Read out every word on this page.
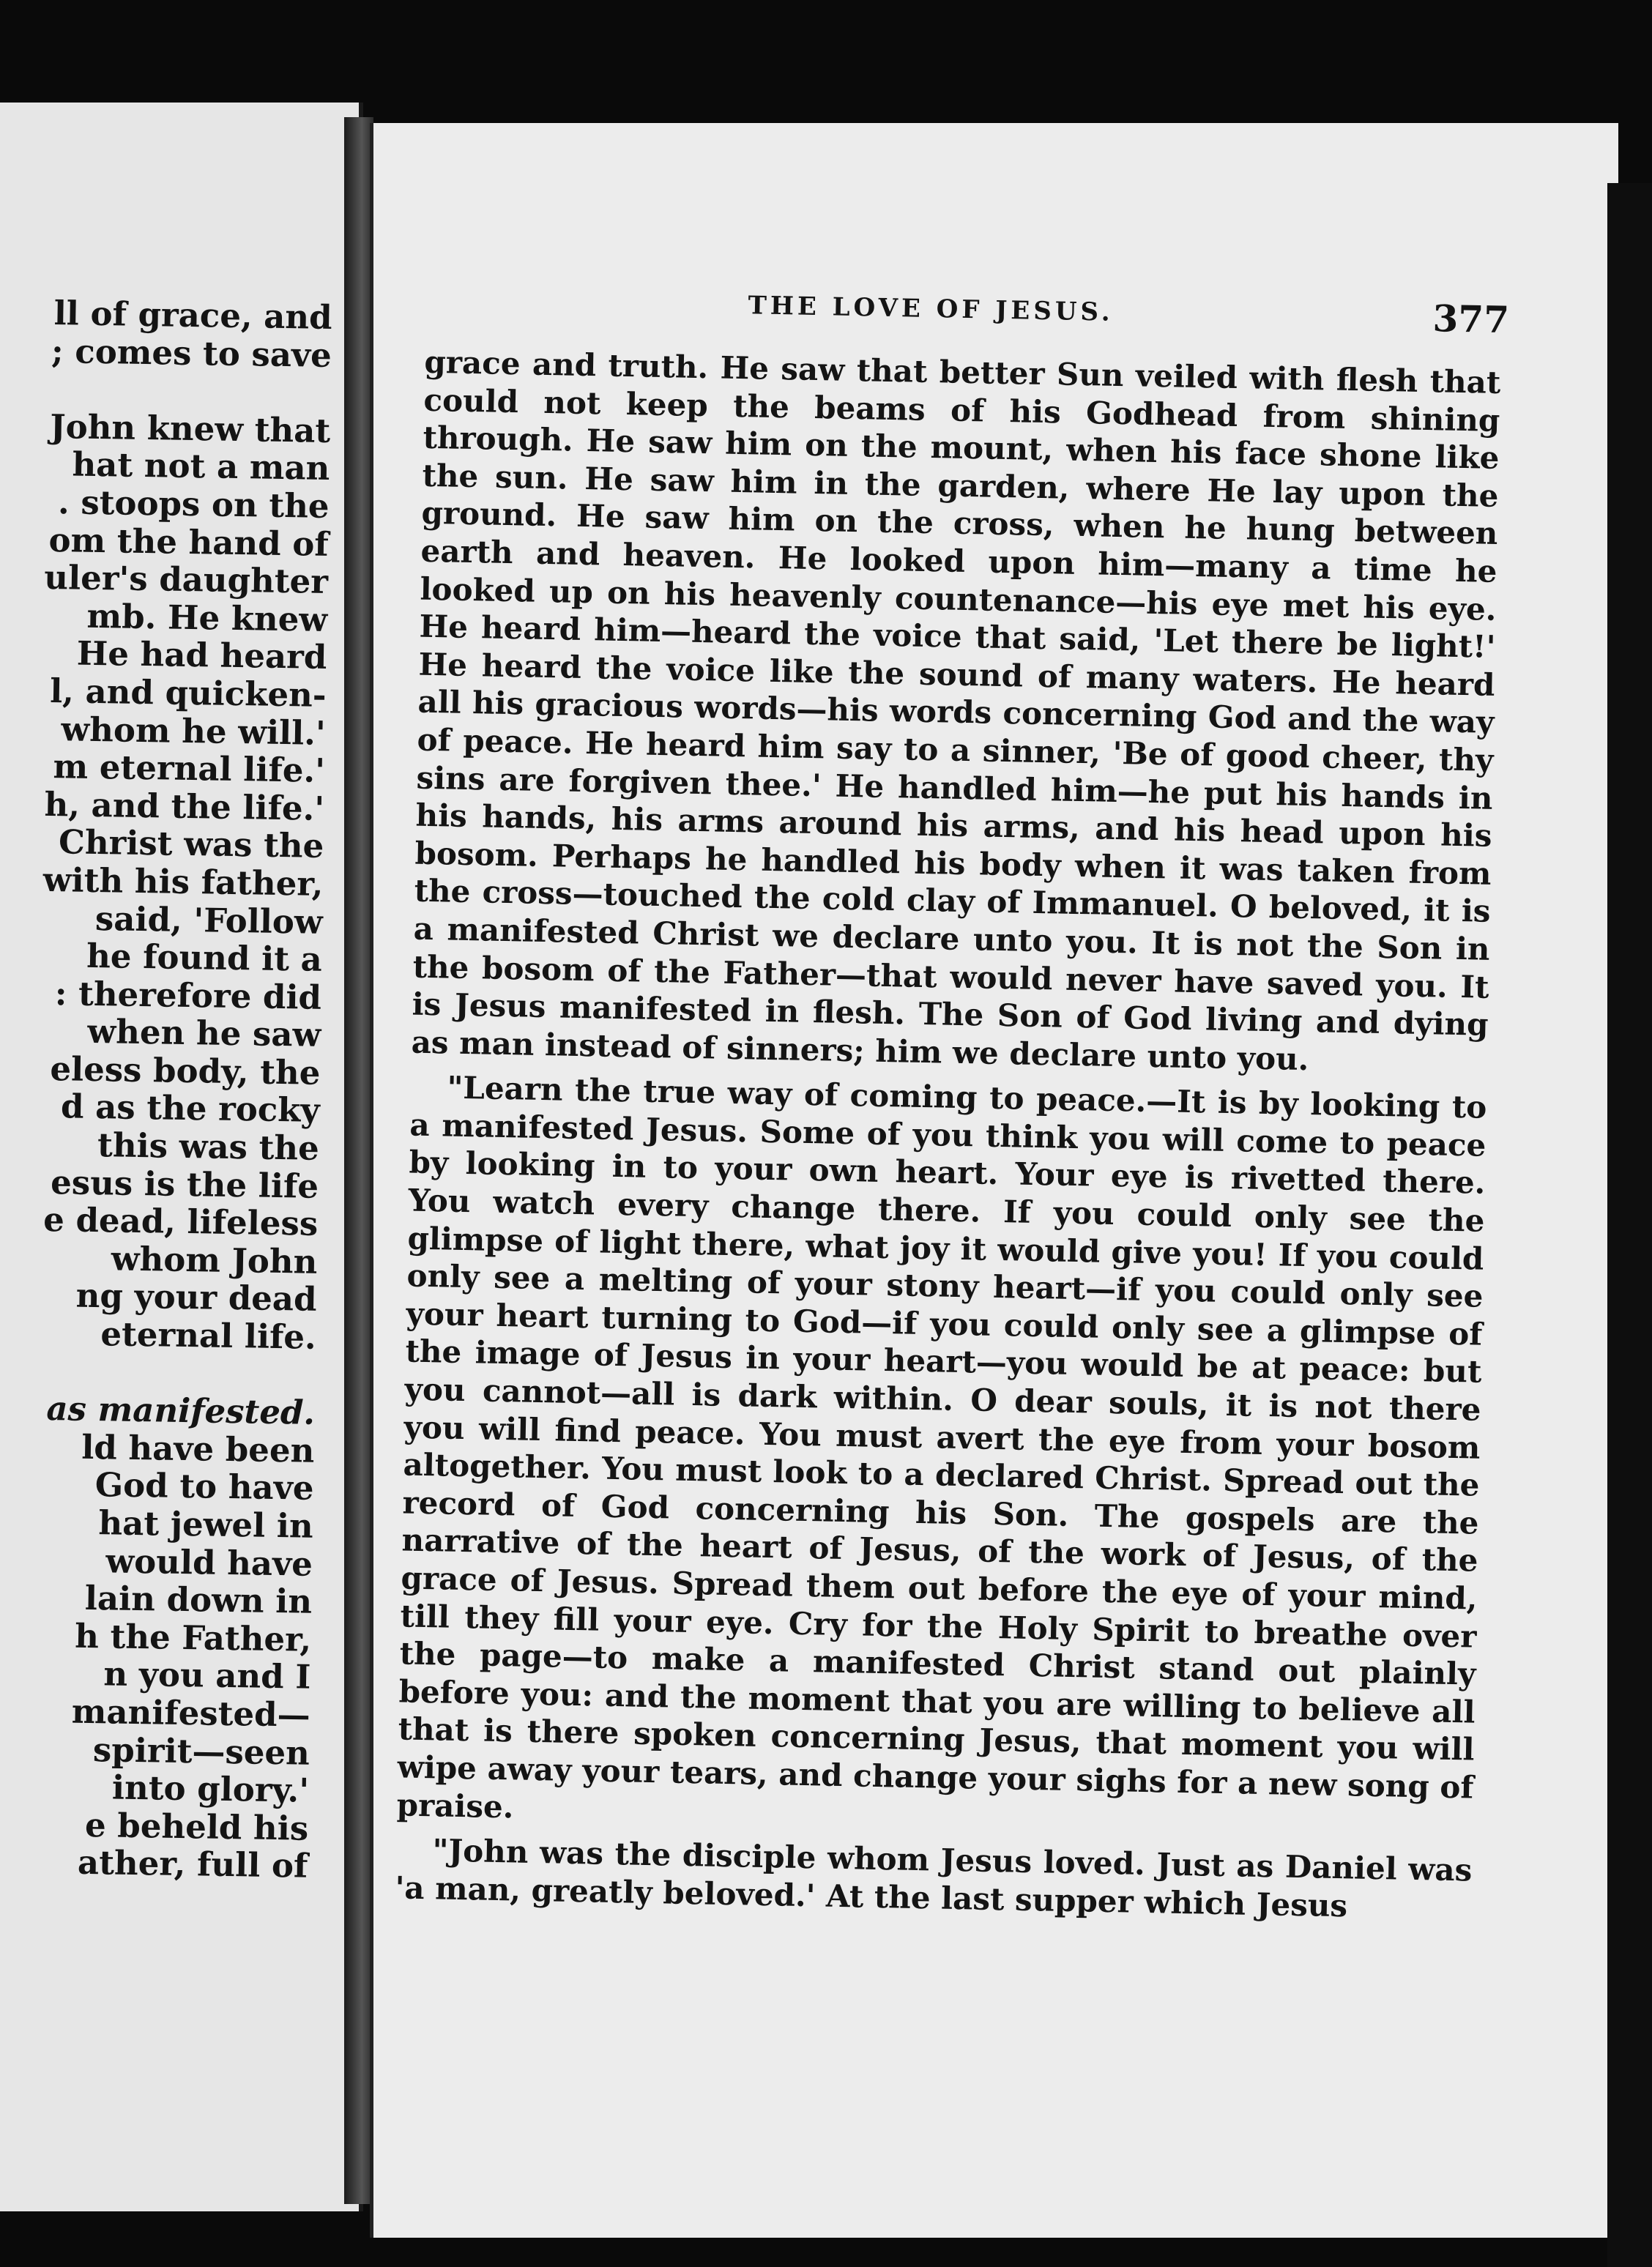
ll of grace, and
; comes to save

John knew that
hat not a man
. stoops on the
om the hand of
uler's daughter
mb. He knew
He had heard
l, and quicken-
whom he will.'
m eternal life.'
h, and the life.'
Christ was the
with his father,
said, 'Follow
he found it a
: therefore did
when he saw
eless body, the
d as the rocky
this was the
esus is the life
e dead, lifeless
whom John
ng your dead
eternal life.

as manifested.
ld have been
God to have
hat jewel in
would have
lain down in
h the Father,
n you and I
manifested—
spirit—seen
into glory.'
e beheld his
ather, full of
THE LOVE OF JESUS.	377

grace and truth. He saw that better Sun veiled with flesh that could not keep the beams of his Godhead from shining through. He saw him on the mount, when his face shone like the sun. He saw him in the garden, where He lay upon the ground. He saw him on the cross, when he hung between earth and heaven. He looked upon him—many a time he looked up on his heavenly countenance—his eye met his eye. He heard him—heard the voice that said, 'Let there be light!' He heard the voice like the sound of many waters. He heard all his gracious words—his words concerning God and the way of peace. He heard him say to a sinner, 'Be of good cheer, thy sins are forgiven thee.' He handled him—he put his hands in his hands, his arms around his arms, and his head upon his bosom. Perhaps he handled his body when it was taken from the cross—touched the cold clay of Immanuel. O beloved, it is a manifested Christ we declare unto you. It is not the Son in the bosom of the Father—that would never have saved you. It is Jesus manifested in flesh. The Son of God living and dying as man instead of sinners; him we declare unto you.

"Learn the true way of coming to peace.—It is by looking to a manifested Jesus. Some of you think you will come to peace by looking in to your own heart. Your eye is rivetted there. You watch every change there. If you could only see the glimpse of light there, what joy it would give you! If you could only see a melting of your stony heart—if you could only see your heart turning to God—if you could only see a glimpse of the image of Jesus in your heart—you would be at peace: but you cannot—all is dark within. O dear souls, it is not there you will find peace. You must avert the eye from your bosom altogether. You must look to a declared Christ. Spread out the record of God concerning his Son. The gospels are the narrative of the heart of Jesus, of the work of Jesus, of the grace of Jesus. Spread them out before the eye of your mind, till they fill your eye. Cry for the Holy Spirit to breathe over the page—to make a manifested Christ stand out plainly before you: and the moment that you are willing to believe all that is there spoken concerning Jesus, that moment you will wipe away your tears, and change your sighs for a new song of praise.

"John was the disciple whom Jesus loved. Just as Daniel was 'a man, greatly beloved.' At the last supper which Jesus
